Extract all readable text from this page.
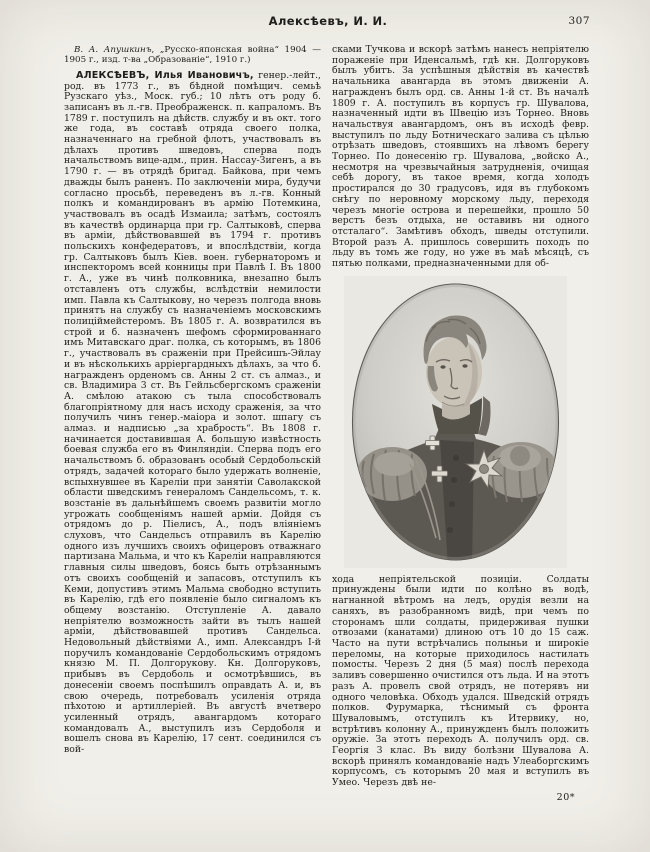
Алексѣевъ, И. И.	307

В. А. Апушкинъ, „Русско-японская война“ 1904 — 1905 г., изд. т-ва „Образованіе“, 1910 г.)

АЛЕКСѢЕВЪ, Илья Ивановичъ, генер.-лейт., род. въ 1773 г., въ бѣдной помѣщич. семьѣ Рузскаго уѣз., Моск. губ.; 10 лѣтъ отъ роду б. записанъ въ л.-гв. Преображенск. п. капраломъ. Въ 1789 г. поступилъ на дѣйств. службу и въ окт. того же года, въ составѣ отряда своего полка, назначеннаго на гребной флотъ, участвовалъ въ дѣлахъ противъ шведовъ, сперва подъ начальствомъ вице-адм., прин. Нассау-Зигенъ, а въ 1790 г. — въ отрядѣ бригад. Байкова, при чемъ дважды былъ раненъ. По заключеніи мира, будучи согласно просьбѣ, переведенъ въ л.-гв. Конный полкъ и командированъ въ армію Потемкина, участвовалъ въ осадѣ Измаила; затѣмъ, состоялъ въ качествѣ ординарца при гр. Салтыковѣ, сперва въ арміи, дѣйствовавшей въ 1794 г. противъ польскихъ конфедератовъ, и впослѣдствіи, когда гр. Салтыковъ былъ Кіев. воен. губернаторомъ и инспекторомъ всей конницы при Павлѣ I. Въ 1800 г. А., уже въ чинѣ полковника, внезапно былъ отставленъ отъ службы, вслѣдствіи немилости имп. Павла къ Салтыкову, но черезъ полгода вновь принятъ на службу съ назначеніемъ московскимъ полиціймейстеромъ. Въ 1805 г. А. возвратился въ строй и б. назначенъ шефомъ сформированнаго имъ Митавскаго драг. полка, съ которымъ, въ 1806 г., участвовалъ въ сраженіи при Прейсишъ-Эйлау и въ нѣсколькихъ арріергардныхъ дѣлахъ, за что б. награжденъ орденомъ св. Анны 2 ст. съ алмаз., и св. Владимира 3 ст. Въ Гейльсбергскомъ сраженіи А. смѣлою атакою съ тыла способствовалъ благопріятному для насъ исходу сраженія, за что получилъ чинъ генер.-маіора и золот. шпагу съ алмаз. и надписью „за храбрость“. Въ 1808 г. начинается доставившая А. большую извѣстность боевая служба его въ Финляндіи. Сперва подъ его начальствомъ б. образованъ особый Сердобольскій отрядъ, задачей котораго было удержать волненіе, вспыхнувшее въ Кареліи при занятіи Саволакской области шведскимъ генераломъ Сандельсомъ, т. к. возстаніе въ дальнѣйшемъ своемъ развитіи могло угрожать сообщеніямъ нашей арміи. Дойдя съ отрядомъ до р. Піелисъ, А., подъ вліяніемъ слуховъ, что Сандельсъ отправилъ въ Карелію одного изъ лучшихъ своихъ офицеровъ отважнаго партизана Мальма, и что къ Кареліи направляются главныя силы шведовъ, боясь быть отрѣзаннымъ отъ своихъ сообщеній и запасовъ, отступилъ къ Кеми, допустивъ этимъ Мальма свободно вступить въ Карелію, гдѣ его появленіе было сигналомъ къ общему возстанію. Отступленіе А. давало непріятелю возможность зайти въ тылъ нашей арміи, дѣйствовавшей противъ Сандельса. Недовольный дѣйствіями А., имп. Александръ I-й поручилъ командованіе Сердобольскимъ отрядомъ князю М. П. Долгорукову. Кн. Долгоруковъ, прибывъ въ Сердоболь и осмотрѣвшись, въ донесеніи своемъ поспѣшилъ оправдать А. и, въ свою очередь, потребовалъ усиленія отряда пѣхотою и артиллеріей. Въ августѣ вчетверо усиленный отрядъ, авангардомъ котораго командовалъ А., выступилъ изъ Сердоболя и вошелъ снова въ Карелію, 17 сент. соединился съ вой-

сками Тучкова и вскорѣ затѣмъ нанесъ непріятелю пораженіе при Иденсальмѣ, гдѣ кн. Долгоруковъ былъ убитъ. За успѣшныя дѣйствія въ качествѣ начальника авангарда въ этомъ движеніи А. награжденъ былъ орд. св. Анны 1-й ст. Въ началѣ 1809 г. А. поступилъ въ корпусъ гр. Шувалова, назначенный идти въ Швецію изъ Торнео. Вновь начальствуя авангардомъ, онъ въ исходѣ февр. выступилъ по льду Ботническаго залива съ цѣлью отрѣзать шведовъ, стоявшихъ на лѣвомъ берегу Торнео. По донесенію гр. Шувалова, „войско А., несмотря на чрезвычайныя затрудненія, очищая себѣ дорогу, въ такое время, когда холодъ простирался до 30 градусовъ, идя въ глубокомъ снѣгу по неровному морскому льду, переходя черезъ многіе острова и перешейки, прошло 50 верстъ безъ отдыха, не оставивъ ни одного отсталаго“. Замѣтивъ обходъ, шведы отступили. Второй разъ А. пришлось совершить походъ по льду въ томъ же году, но уже въ маѣ мѣсяцѣ, съ пятью полками, предназначенными для об-

хода непріятельской позиціи. Солдаты принуждены были идти по колѣно въ водѣ, нагнанной вѣтромъ на ледъ, орудія везли на саняхъ, въ разобранномъ видѣ, при чемъ по сторонамъ шли солдаты, придерживая пушки отвозами (канатами) длиною отъ 10 до 15 саж. Часто на пути встрѣчались полыньи и широкіе переломы, на которые приходилось настилать помосты. Черезъ 2 дня (5 мая) послѣ перехода заливъ совершенно очистился отъ льда. И на этотъ разъ А. провелъ свой отрядъ, не потерявъ ни одного человѣка. Обходъ удался. Шведскій отрядъ полков. Фурумарка, тѣснимый съ фронта Шуваловымъ, отступилъ къ Итервику, но, встрѣтивъ колонну А., принужденъ былъ положить оружіе. За этотъ переходъ А. получилъ орд. св. Георгія 3 клас. Въ виду болѣзни Шувалова А. вскорѣ принялъ командованіе надъ Улеаборгскимъ корпусомъ, съ которымъ 20 мая и вступилъ въ Умео. Черезъ двѣ не-

20*
